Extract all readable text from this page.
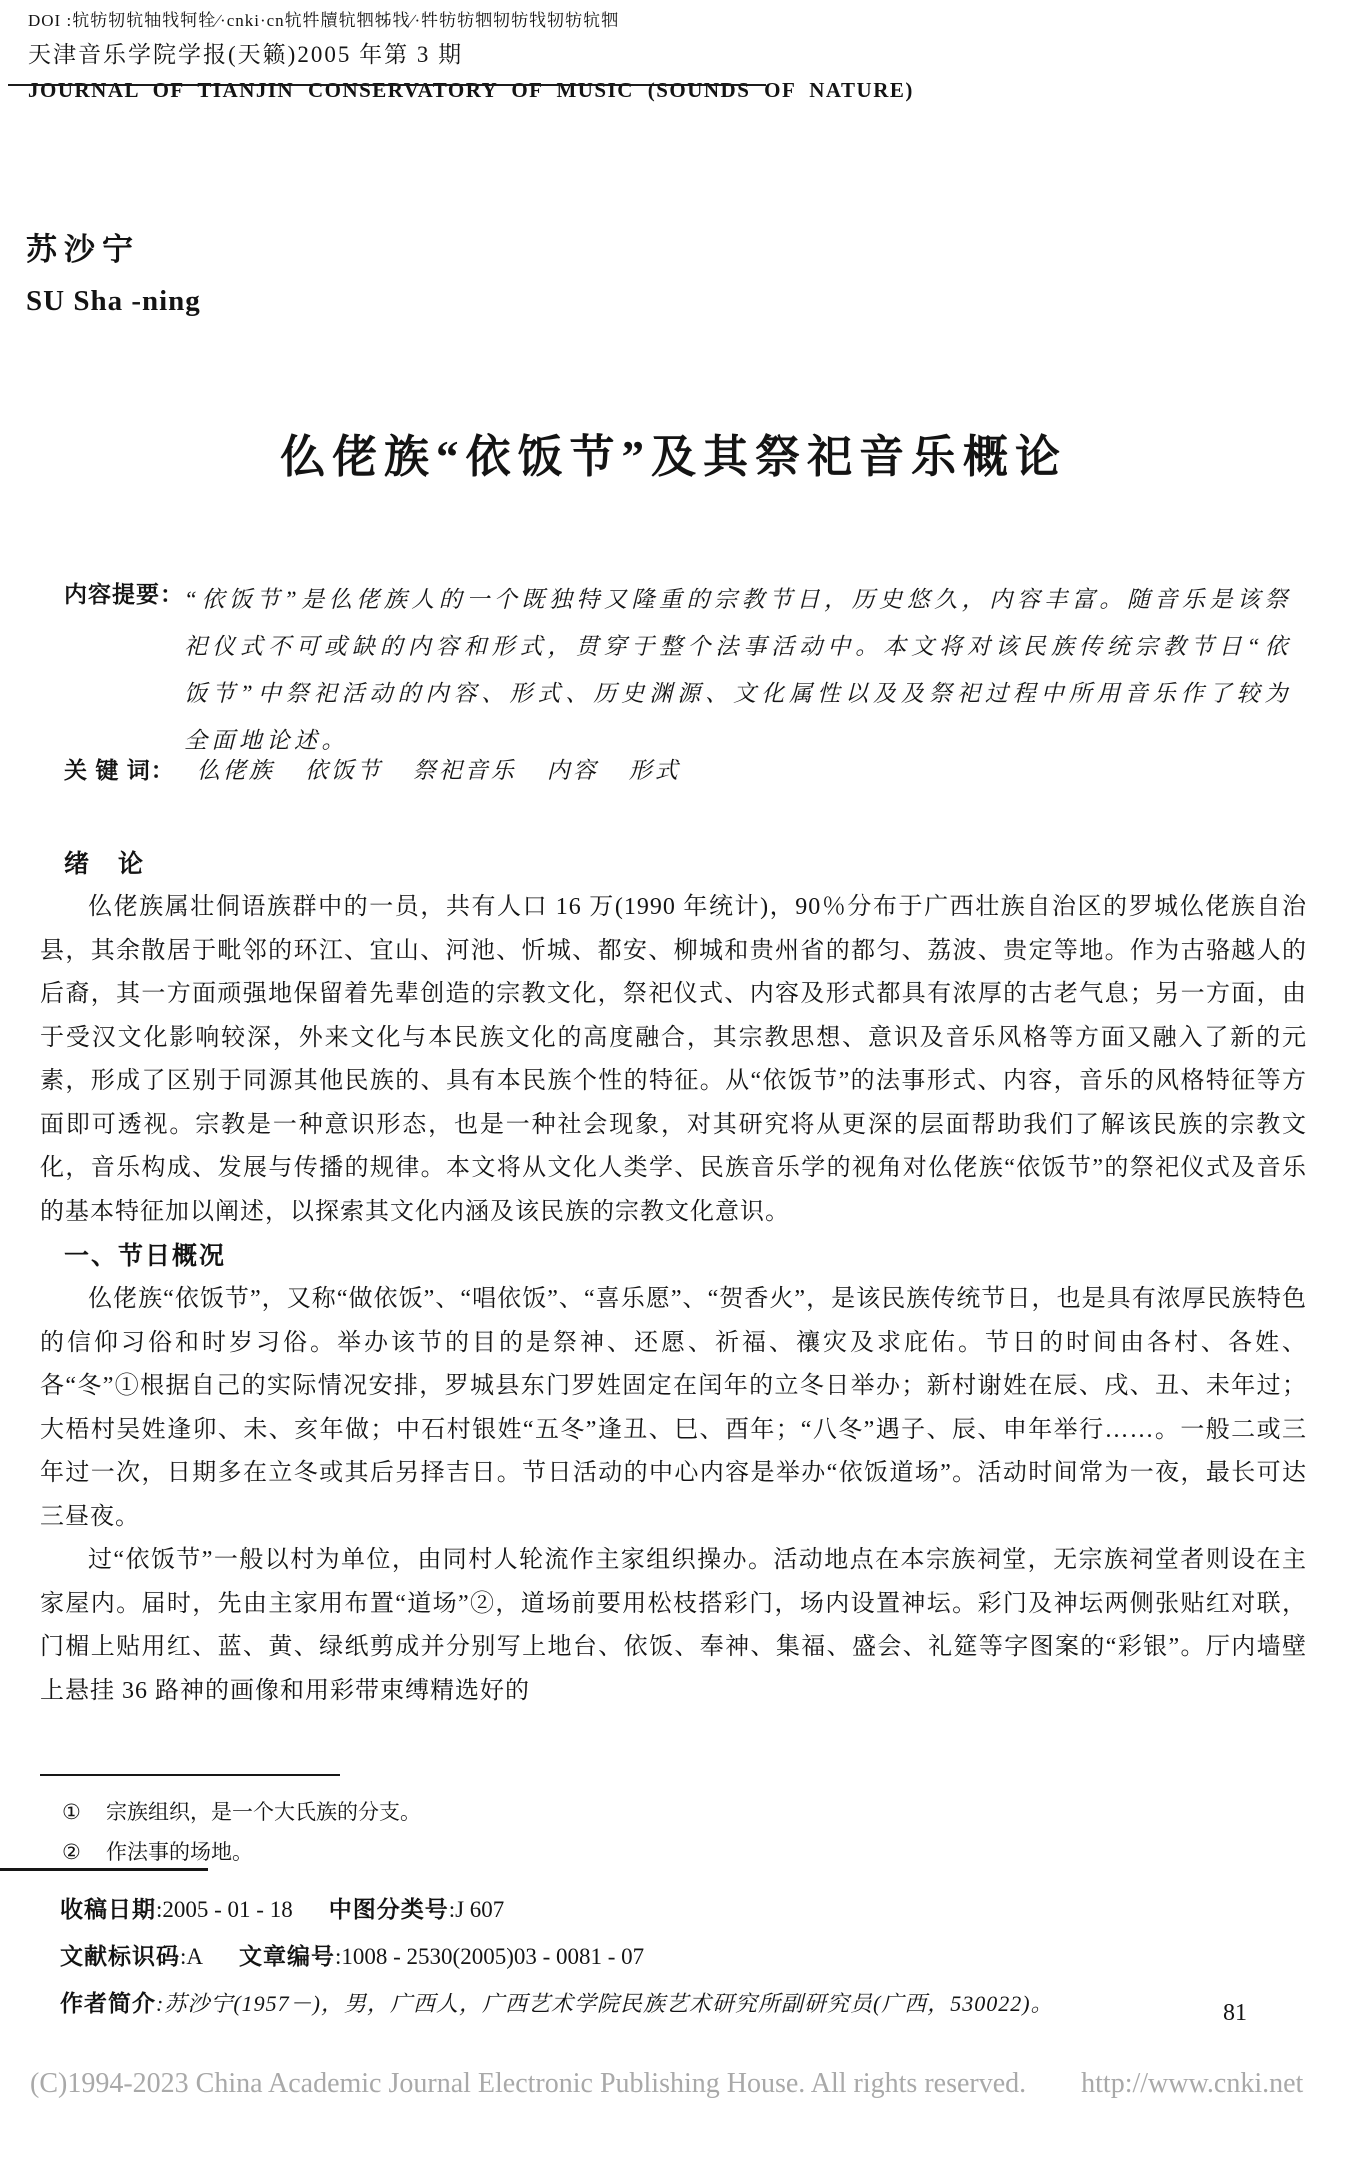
DOI :牨牥牣牨牰牫牱牷∕·cnki·cn牨牪牘牨牭牬牫∕·牪牥牥牭牣牥牫牣牥牨牭
天津音乐学院学报(天籁)2005 年第 3 期
JOURNAL OF TIANJIN CONSERVATORY OF MUSIC (SOUNDS OF NATURE)
苏沙宁
SU Sha -ning
仫佬族“依饭节”及其祭祀音乐概论
内容提要： “依饭节”是仫佬族人的一个既独特又隆重的宗教节日，历史悠久，内容丰富。随音乐是该祭祀仪式不可或缺的内容和形式，贯穿于整个法事活动中。本文将对该民族传统宗教节日“依饭节”中祭祀活动的内容、形式、历史渊源、文化属性以及及祭祀过程中所用音乐作了较为全面地论述。
关 键 词： 仫佬族 依饭节 祭祀音乐 内容 形式
绪　论

仫佬族属壮侗语族群中的一员，共有人口 16 万(1990 年统计)，90％分布于广西壮族自治区的罗城仫佬族自治县，其余散居于毗邻的环江、宜山、河池、忻城、都安、柳城和贵州省的都匀、荔波、贵定等地。作为古骆越人的后裔，其一方面顽强地保留着先辈创造的宗教文化，祭祀仪式、内容及形式都具有浓厚的古老气息；另一方面，由于受汉文化影响较深，外来文化与本民族文化的高度融合，其宗教思想、意识及音乐风格等方面又融入了新的元素，形成了区别于同源其他民族的、具有本民族个性的特征。从“依饭节”的法事形式、内容，音乐的风格特征等方面即可透视。宗教是一种意识形态，也是一种社会现象，对其研究将从更深的层面帮助我们了解该民族的宗教文化，音乐构成、发展与传播的规律。本文将从文化人类学、民族音乐学的视角对仫佬族“依饭节”的祭祀仪式及音乐的基本特征加以阐述，以探索其文化内涵及该民族的宗教文化意识。

一、节日概况

仫佬族“依饭节”，又称“做依饭”、“唱依饭”、“喜乐愿”、“贺香火”，是该民族传统节日，也是具有浓厚民族特色的信仰习俗和时岁习俗。举办该节的目的是祭神、还愿、祈福、禳灾及求庇佑。节日的时间由各村、各姓、各“冬”①根据自己的实际情况安排，罗城县东门罗姓固定在闰年的立冬日举办；新村谢姓在辰、戌、丑、未年过；大梧村吴姓逢卯、未、亥年做；中石村银姓“五冬”逢丑、巳、酉年；“八冬”遇子、辰、申年举行……。一般二或三年过一次，日期多在立冬或其后另择吉日。节日活动的中心内容是举办“依饭道场”。活动时间常为一夜，最长可达三昼夜。

过“依饭节”一般以村为单位，由同村人轮流作主家组织操办。活动地点在本宗族祠堂，无宗族祠堂者则设在主家屋内。届时，先由主家用布置“道场”②，道场前要用松枝搭彩门，场内设置神坛。彩门及神坛两侧张贴红对联，门楣上贴用红、蓝、黄、绿纸剪成并分别写上地台、依饭、奉神、集福、盛会、礼筵等字图案的“彩银”。厅内墙壁上悬挂 36 路神的画像和用彩带束缚精选好的

①	宗族组织，是一个大氏族的分支。
②	作法事的场地。
收稿日期:2005 - 01 - 18 中图分类号:J 607
文献标识码:A 文章编号:1008 - 2530(2005)03 - 0081 - 07
作者简介:苏沙宁(1957－)，男，广西人，广西艺术学院民族艺术研究所副研究员(广西，530022)。	81
(C)1994-2023 China Academic Journal Electronic Publishing House. All rights reserved. http://www.cnki.net
